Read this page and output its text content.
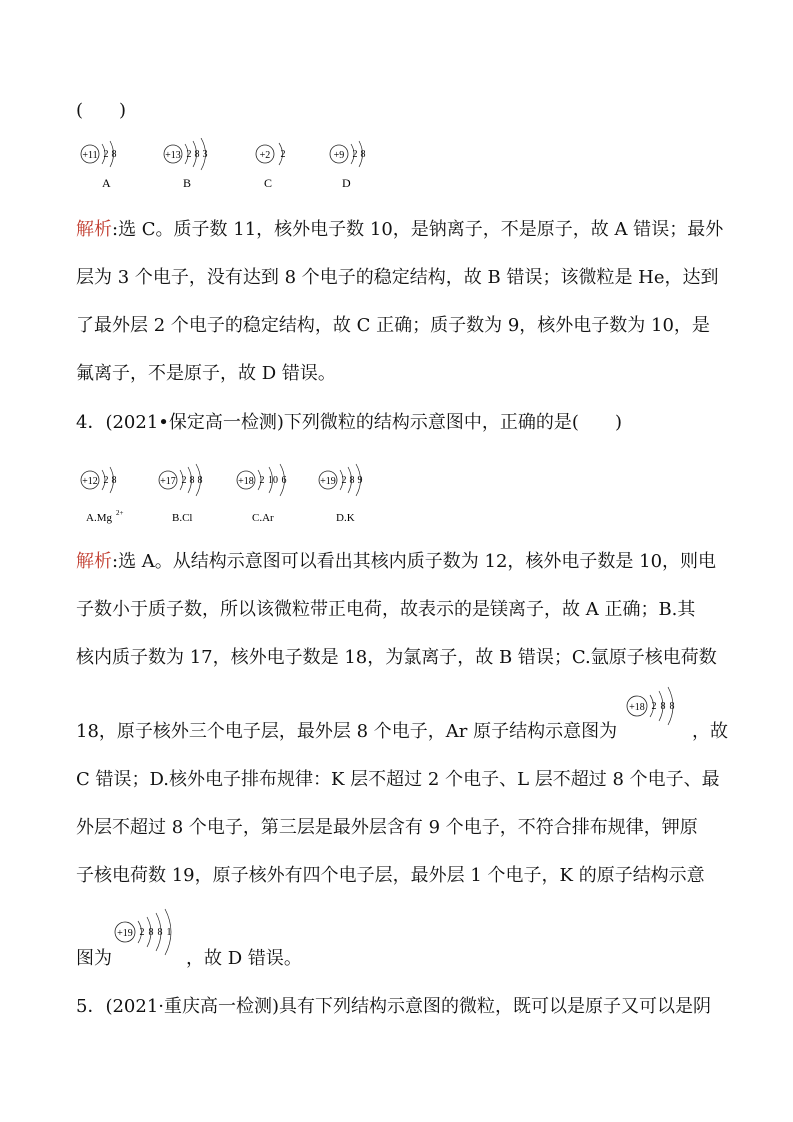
(　　)
+11 2 8
A
+13 2 8 3
B
+2 2
C
+9 2 8
D
解析:选 C。质子数 11，核外电子数 10，是钠离子，不是原子，故 A 错误；最外
层为 3 个电子，没有达到 8 个电子的稳定结构，故 B 错误；该微粒是 He，达到
了最外层 2 个电子的稳定结构，故 C 正确；质子数为 9，核外电子数为 10，是
氟离子，不是原子，故 D 错误。
4．(2021•保定高一检测)下列微粒的结构示意图中，正确的是(　　)
+12 2 8
A.Mg 2+
+17 2 8 8
B.Cl
+18 2 10 6
C.Ar
+19 2 8 9
D.K
解析:选 A。从结构示意图可以看出其核内质子数为 12，核外电子数是 10，则电
子数小于质子数，所以该微粒带正电荷，故表示的是镁离子，故 A 正确；B.其
核内质子数为 17，核外电子数是 18，为氯离子，故 B 错误；C.氩原子核电荷数
18，原子核外三个电子层，最外层 8 个电子，Ar 原子结构示意图为
+18 2 8 8
，故
C 错误；D.核外电子排布规律：K 层不超过 2 个电子、L 层不超过 8 个电子、最
外层不超过 8 个电子，第三层是最外层含有 9 个电子，不符合排布规律，钾原
子核电荷数 19，原子核外有四个电子层，最外层 1 个电子，K 的原子结构示意
图为
+19 2 8 8 1
，故 D 错误。
5．(2021·重庆高一检测)具有下列结构示意图的微粒，既可以是原子又可以是阴
